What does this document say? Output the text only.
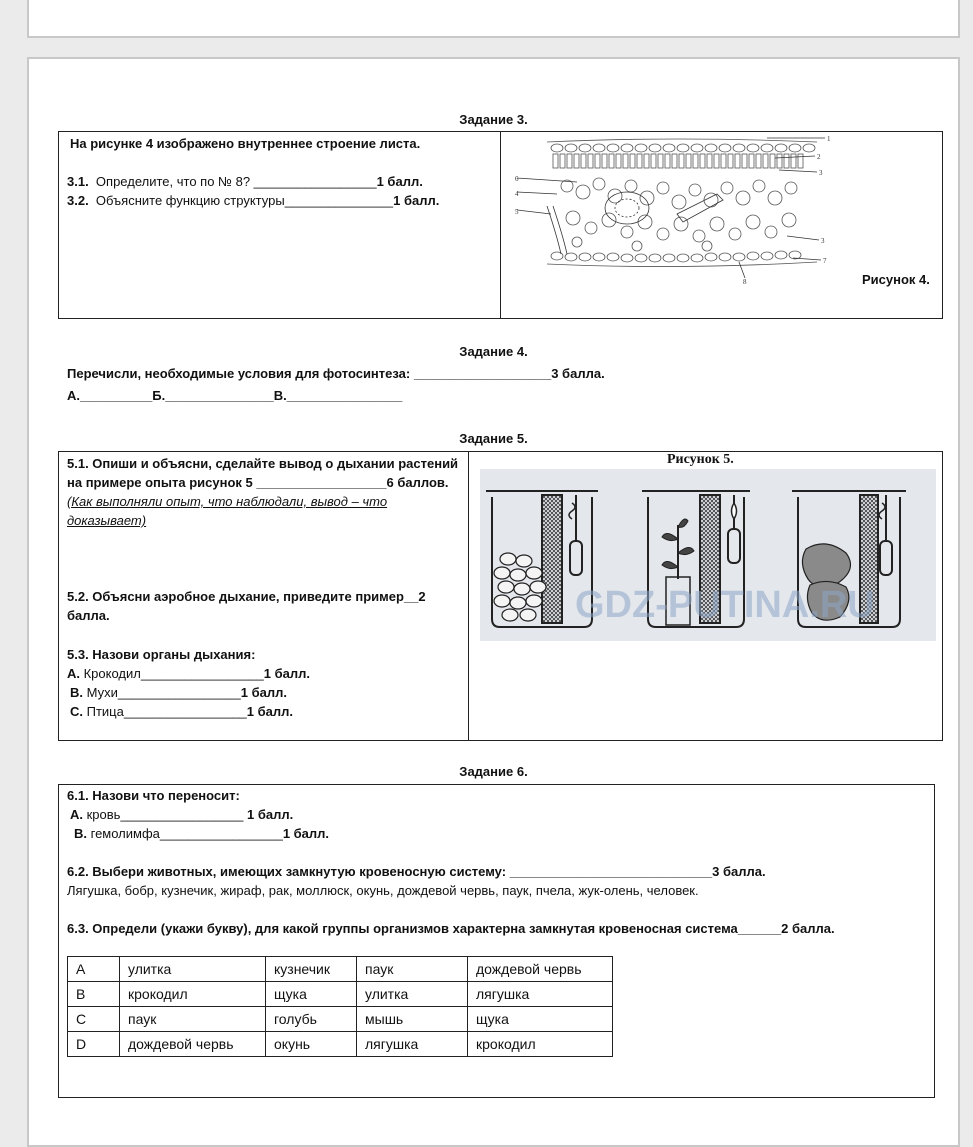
Задание 3.
На рисунке 4 изображено внутреннее строение листа.
3.1. Определите, что по № 8? _________________1 балл.
3.2. Объясните функцию структуры_______________1 балл.
1
2
3
3
4
5
6
7
8	Рисунок 4.
Задание 4.
Перечисли, необходимые условия для фотосинтеза: ___________________3 балла.
А.__________Б._______________В.________________
Задание 5.
5.1. Опиши и объясни, сделайте вывод о дыхании растений на примере опыта рисунок 5 __________________6 баллов. (Как выполняли опыт, что наблюдали, вывод – что доказывает)
5.2. Объясни аэробное дыхание, приведите пример__2 балла.
5.3. Назови органы дыхания:
А. Крокодил_________________1 балл.
В. Мухи_________________1 балл.
С. Птица_________________1 балл.
Рисунок 5.
GDZ-PUTINA.RU
Задание 6.
6.1. Назови что переносит:
А. кровь_________________ 1 балл.
В. гемолимфа_________________1 балл.
6.2. Выбери животных, имеющих замкнутую кровеносную систему: ____________________________3 балла.
Лягушка, бобр, кузнечик, жираф, рак, моллюск, окунь, дождевой червь, паук, пчела, жук-олень, человек.
6.3. Определи (укажи букву), для какой группы организмов характерна замкнутая кровеносная система______2 балла.
А	улитка	кузнечик	паук	дождевой червь
В	крокодил	щука	улитка	лягушка
С	паук	голубь	мышь	щука
D	дождевой червь	окунь	лягушка	крокодил
